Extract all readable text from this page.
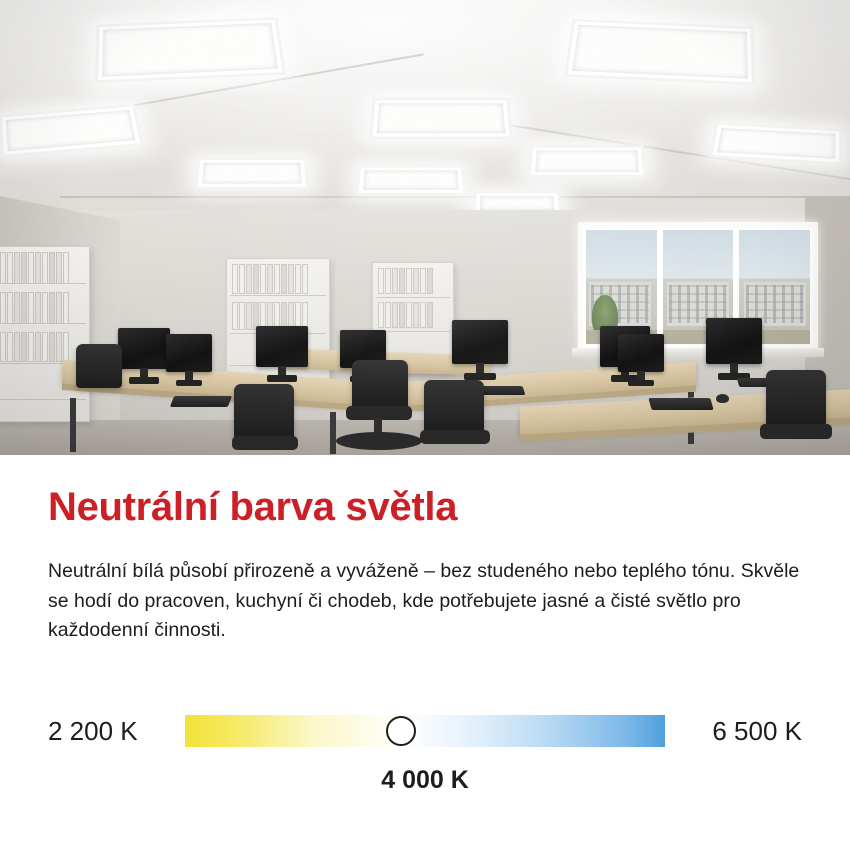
Neutrální barva světla

Neutrální bílá působí přirozeně a vyváženě – bez studeného nebo teplého tónu. Skvěle se hodí do pracoven, kuchyní či chodeb, kde potřebujete jasné a čisté světlo pro každodenní činnosti.

2 200 K	6 500 K
4 000 K
